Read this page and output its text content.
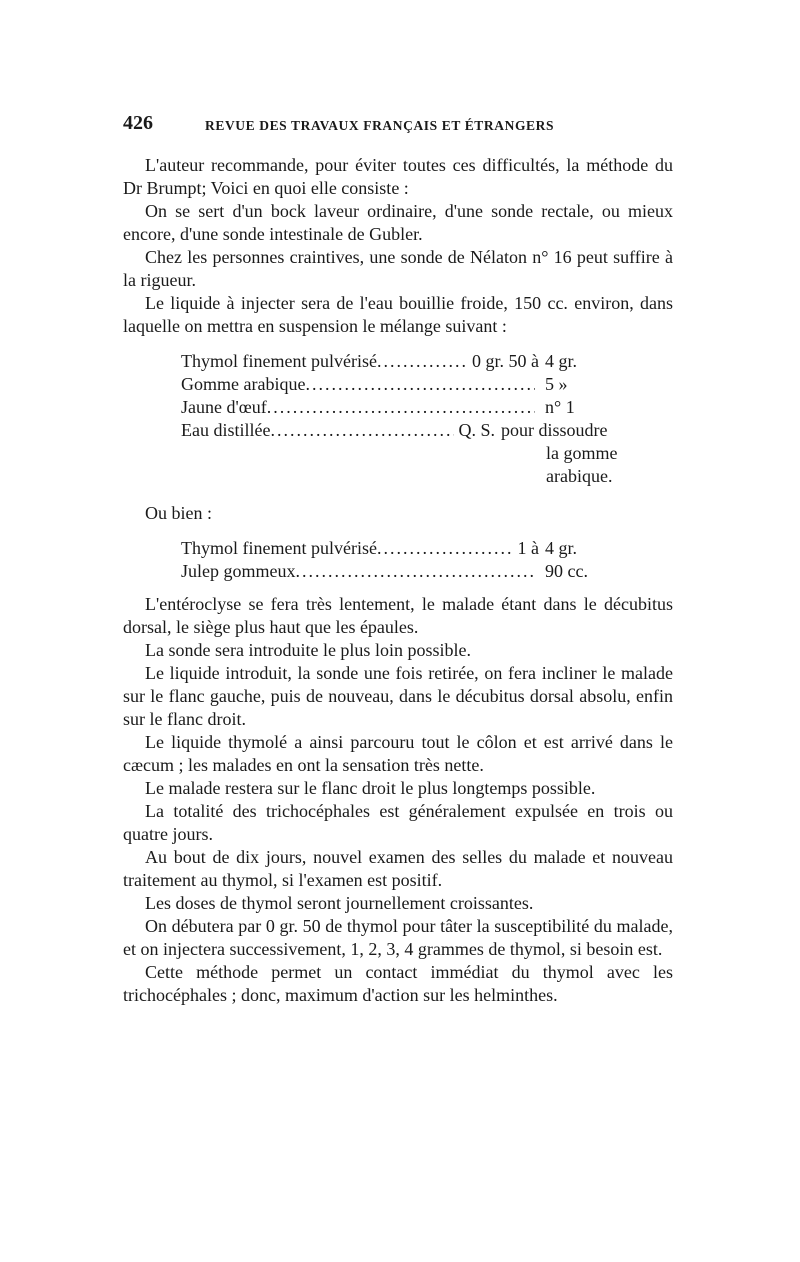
426	REVUE DES TRAVAUX FRANÇAIS ET ÉTRANGERS

L'auteur recommande, pour éviter toutes ces difficultés, la méthode du Dr Brumpt; Voici en quoi elle consiste :

On se sert d'un bock laveur ordinaire, d'une sonde rectale, ou mieux encore, d'une sonde intestinale de Gubler.

Chez les personnes craintives, une sonde de Nélaton n° 16 peut suffire à la rigueur.

Le liquide à injecter sera de l'eau bouillie froide, 150 cc. environ, dans laquelle on mettra en suspension le mélange suivant :

Thymol finement pulvérisé .....	0 gr. 50 à 4 gr.
Gomme arabique .....	5 »
Jaune d'œuf .....	n° 1
Eau distillée .....	Q. S. pour dissoudre
la gomme arabique.

Ou bien :

Thymol finement pulvérisé .....	1 à 4 gr.
Julep gommeux .....	90 cc.

L'entéroclyse se fera très lentement, le malade étant dans le décubitus dorsal, le siège plus haut que les épaules.

La sonde sera introduite le plus loin possible.

Le liquide introduit, la sonde une fois retirée, on fera incliner le malade sur le flanc gauche, puis de nouveau, dans le décubitus dorsal absolu, enfin sur le flanc droit.

Le liquide thymolé a ainsi parcouru tout le côlon et est arrivé dans le cæcum ; les malades en ont la sensation très nette.

Le malade restera sur le flanc droit le plus longtemps possible.

La totalité des trichocéphales est généralement expulsée en trois ou quatre jours.

Au bout de dix jours, nouvel examen des selles du malade et nouveau traitement au thymol, si l'examen est positif.

Les doses de thymol seront journellement croissantes.

On débutera par 0 gr. 50 de thymol pour tâter la susceptibilité du malade, et on injectera successivement, 1, 2, 3, 4 grammes de thymol, si besoin est.

Cette méthode permet un contact immédiat du thymol avec les trichocéphales ; donc, maximum d'action sur les helminthes.
